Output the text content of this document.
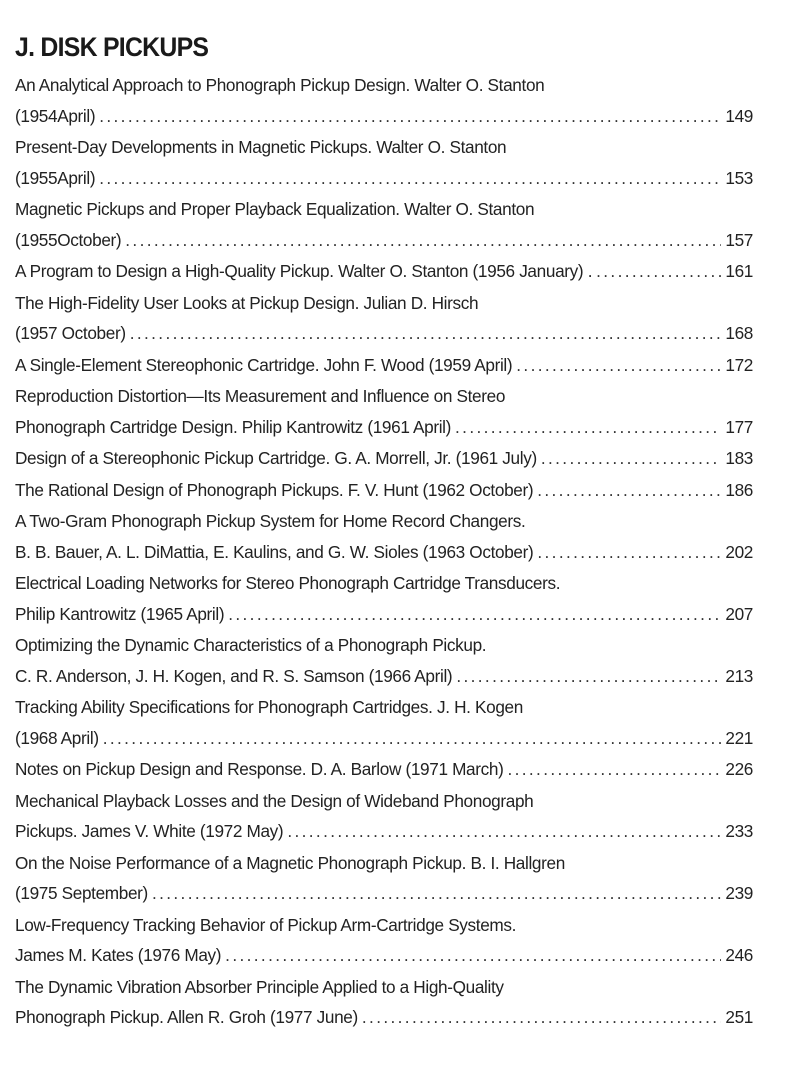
J. DISK PICKUPS
An Analytical Approach to Phonograph Pickup Design. Walter O. Stanton
(1954April) . . .	149
Present-Day Developments in Magnetic Pickups. Walter O. Stanton
(1955April) . . .	153
Magnetic Pickups and Proper Playback Equalization. Walter O. Stanton
(1955October) . . .	157
A Program to Design a High-Quality Pickup. Walter O. Stanton (1956 January) . . . .	161
The High-Fidelity User Looks at Pickup Design. Julian D. Hirsch
(1957 October) . . .	168
A Single-Element Stereophonic Cartridge. John F. Wood (1959 April) . . .	172
Reproduction Distortion—Its Measurement and Influence on Stereo
Phonograph Cartridge Design. Philip Kantrowitz (1961 April) . . .	177
Design of a Stereophonic Pickup Cartridge. G. A. Morrell, Jr. (1961 July) . . .	183
The Rational Design of Phonograph Pickups. F. V. Hunt (1962 October) . . .	186
A Two-Gram Phonograph Pickup System for Home Record Changers.
B. B. Bauer, A. L. DiMattia, E. Kaulins, and G. W. Sioles (1963 October) . . .	202
Electrical Loading Networks for Stereo Phonograph Cartridge Transducers.
Philip Kantrowitz (1965 April) . . .	207
Optimizing the Dynamic Characteristics of a Phonograph Pickup.
C. R. Anderson, J. H. Kogen, and R. S. Samson (1966 April) . . .	213
Tracking Ability Specifications for Phonograph Cartridges. J. H. Kogen
(1968 April) . . .	221
Notes on Pickup Design and Response. D. A. Barlow (1971 March) . . .	226
Mechanical Playback Losses and the Design of Wideband Phonograph
Pickups. James V. White (1972 May) . . .	233
On the Noise Performance of a Magnetic Phonograph Pickup. B. I. Hallgren
(1975 September) . . .	239
Low-Frequency Tracking Behavior of Pickup Arm-Cartridge Systems.
James M. Kates (1976 May) . . .	246
The Dynamic Vibration Absorber Principle Applied to a High-Quality
Phonograph Pickup. Allen R. Groh (1977 June) . . .	251
